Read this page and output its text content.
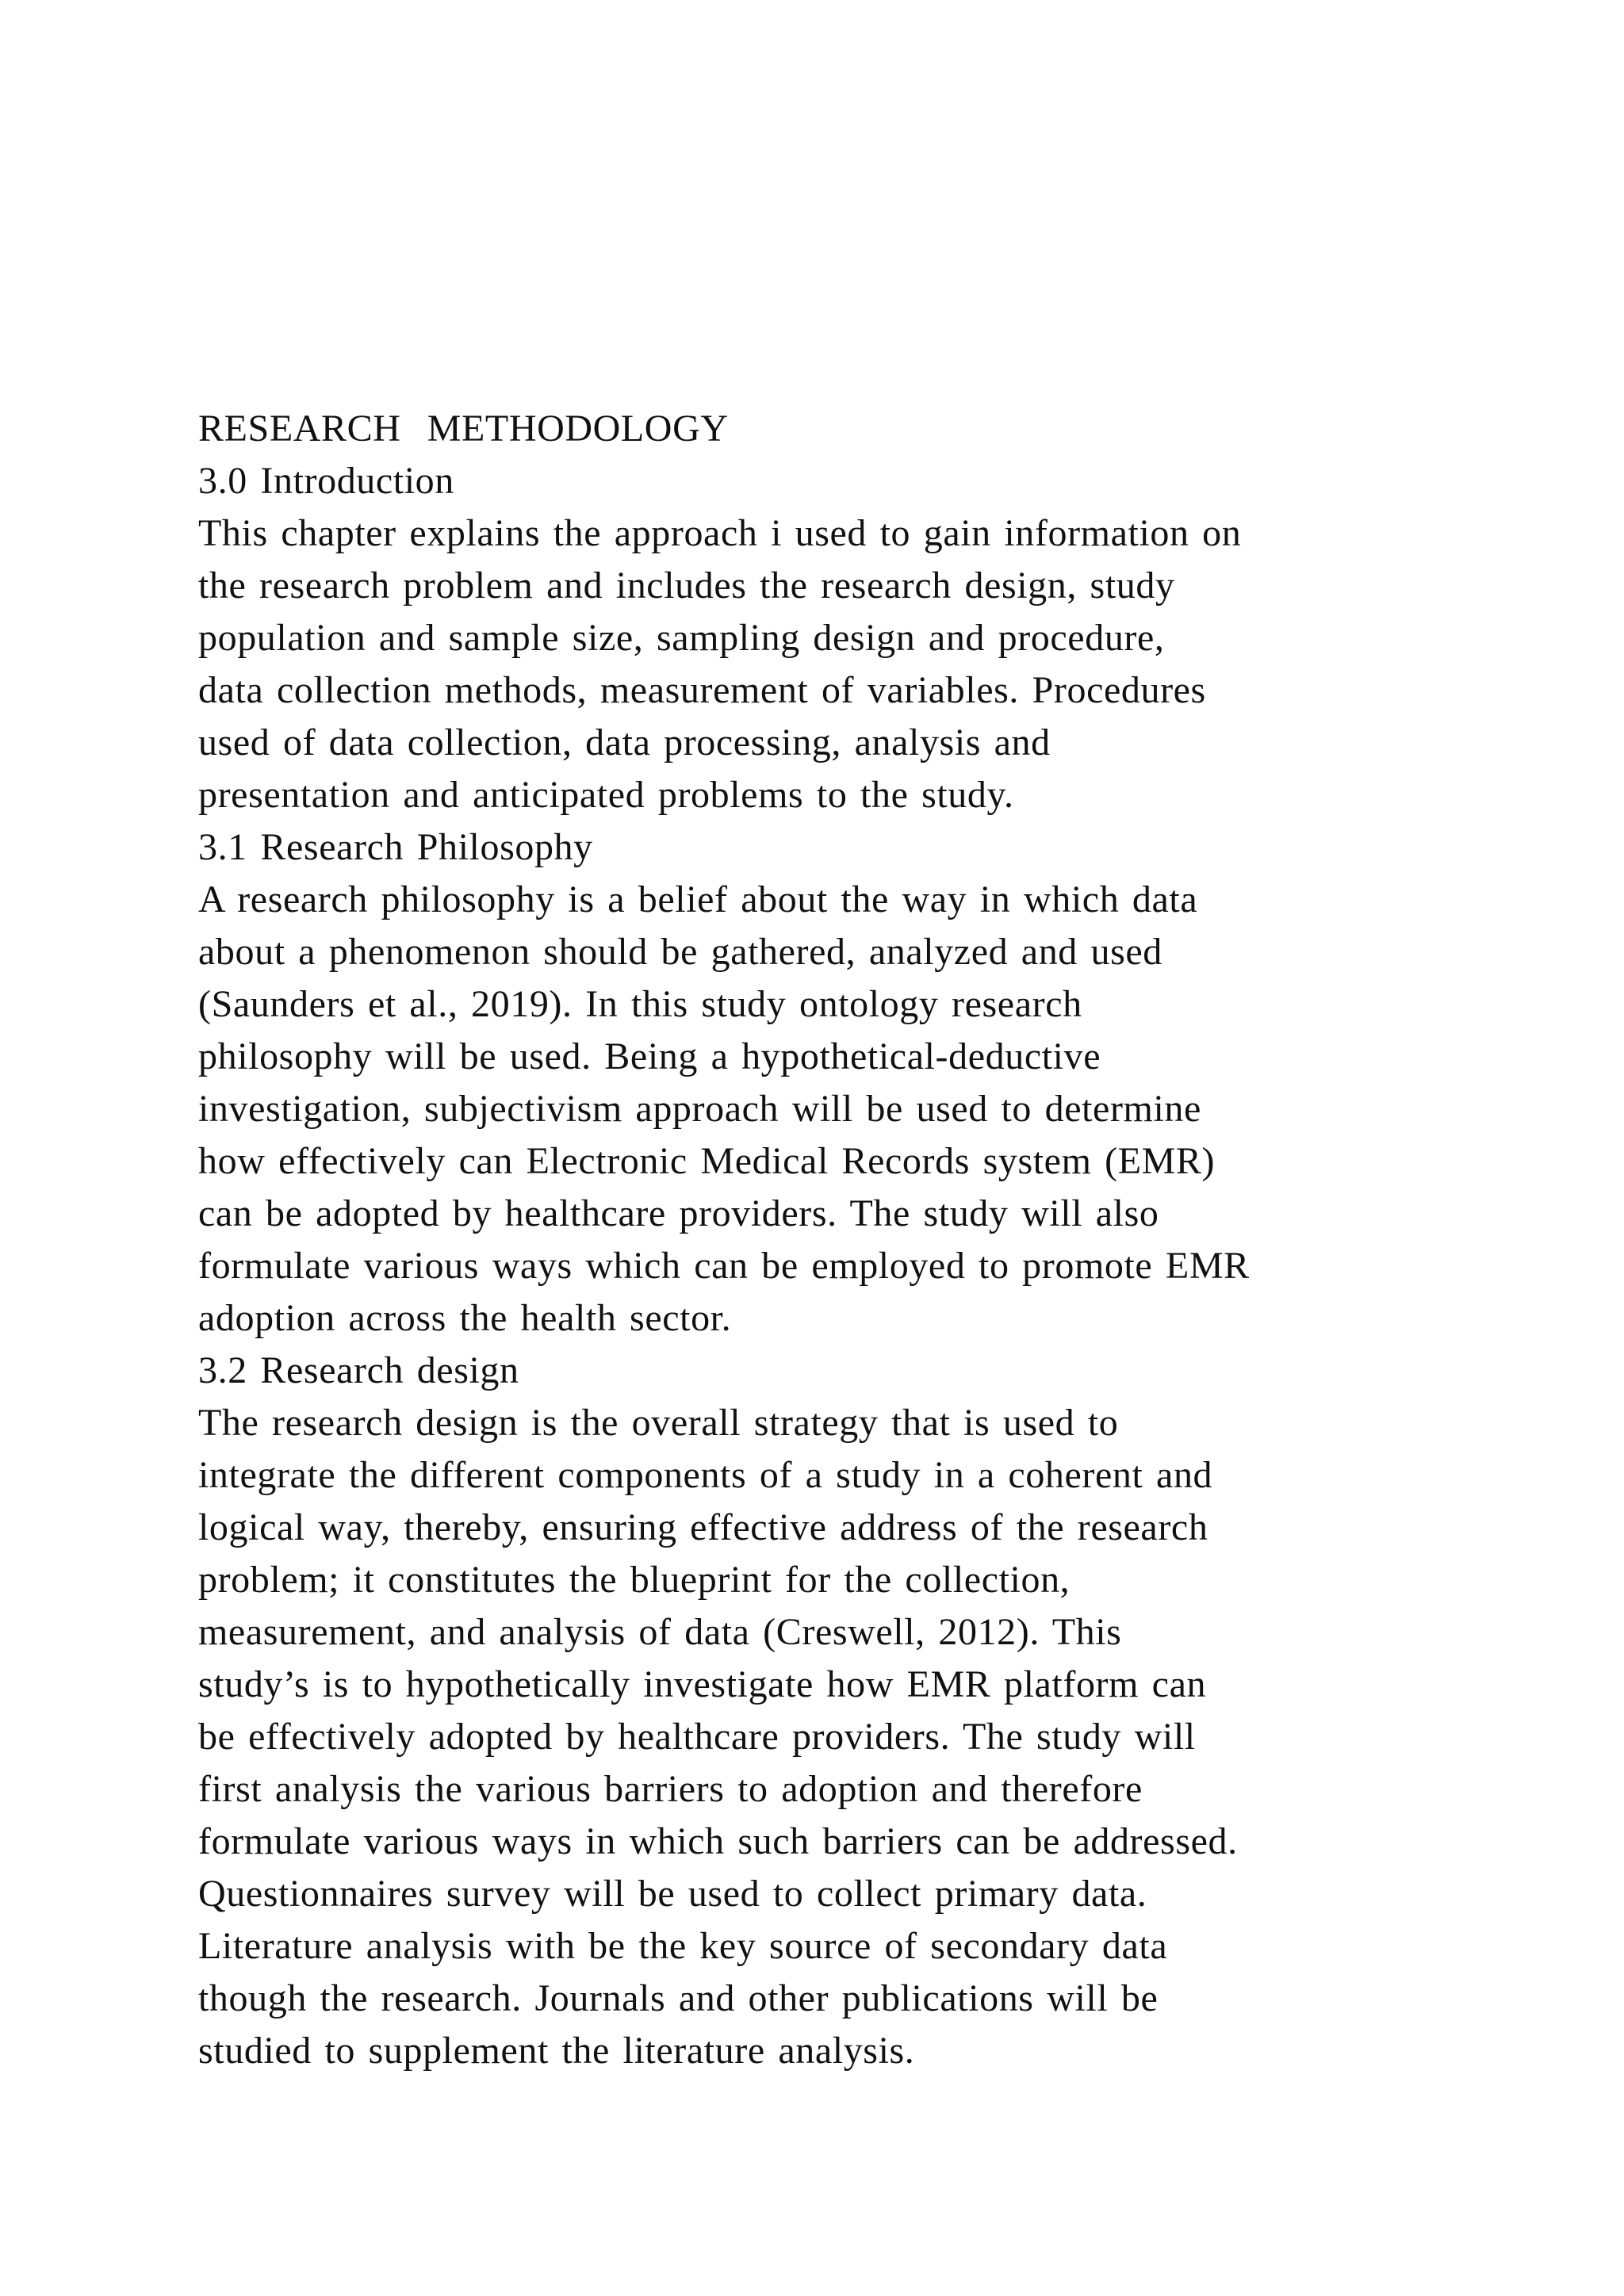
RESEARCH  METHODOLOGY
3.0 Introduction
This chapter explains the approach i used to gain information on
the research problem and includes the research design, study
population and sample size, sampling design and procedure,
data collection methods, measurement of variables. Procedures
used of data collection, data processing, analysis and
presentation and anticipated problems to the study.
3.1 Research Philosophy
A research philosophy is a belief about the way in which data
about a phenomenon should be gathered, analyzed and used
(Saunders et al., 2019). In this study ontology research
philosophy will be used. Being a hypothetical-deductive
investigation, subjectivism approach will be used to determine
how effectively can Electronic Medical Records system (EMR)
can be adopted by healthcare providers. The study will also
formulate various ways which can be employed to promote EMR
adoption across the health sector.
3.2 Research design
The research design is the overall strategy that is used to
integrate the different components of a study in a coherent and
logical way, thereby, ensuring effective address of the research
problem; it constitutes the blueprint for the collection,
measurement, and analysis of data (Creswell, 2012). This
study’s is to hypothetically investigate how EMR platform can
be effectively adopted by healthcare providers. The study will
first analysis the various barriers to adoption and therefore
formulate various ways in which such barriers can be addressed.
Questionnaires survey will be used to collect primary data.
Literature analysis with be the key source of secondary data
though the research. Journals and other publications will be
studied to supplement the literature analysis.
